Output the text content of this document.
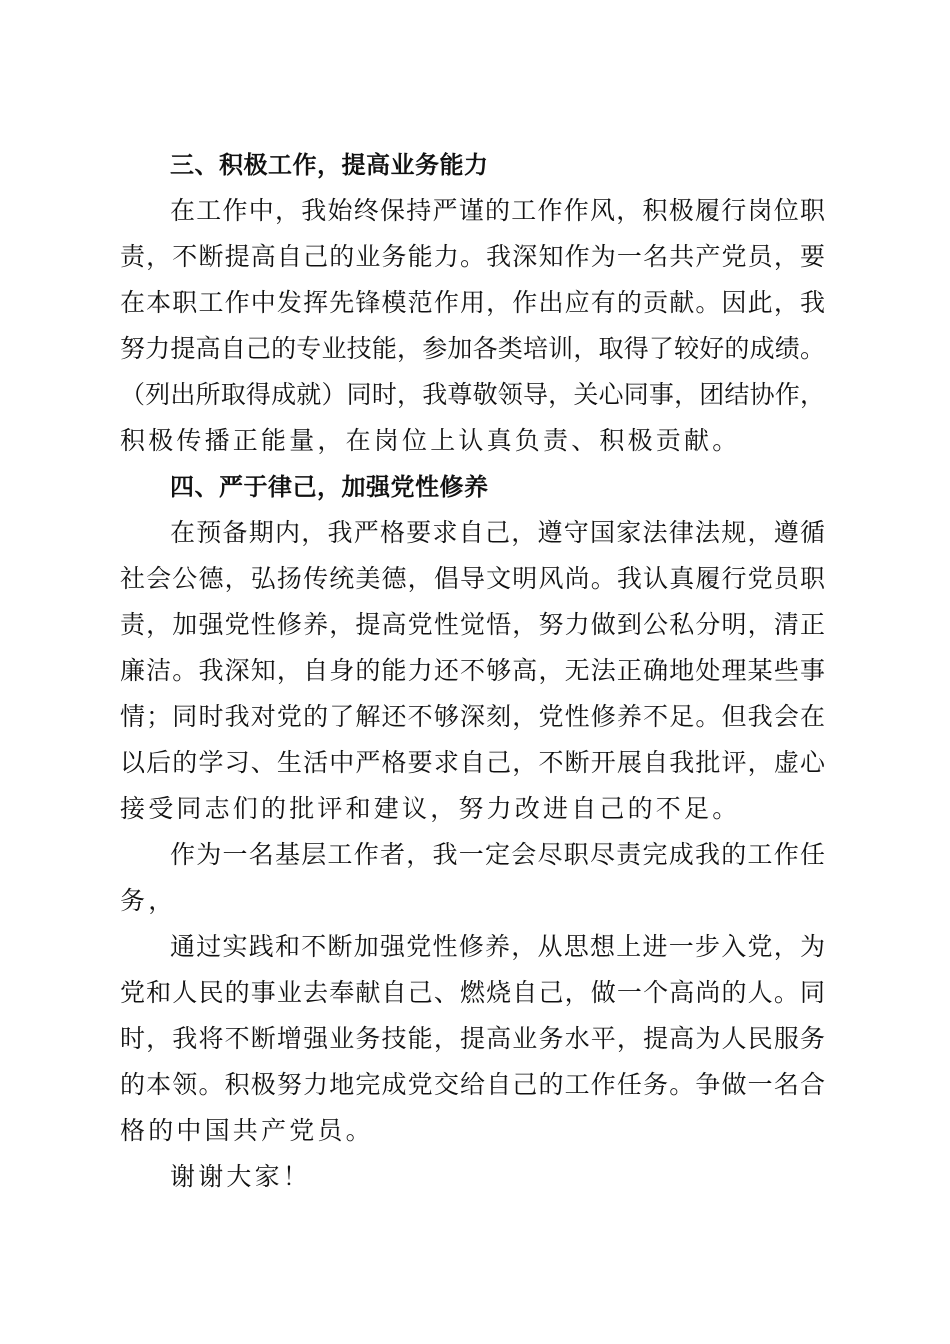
三、积极工作，提高业务能力
在工作中，我始终保持严谨的工作作风，积极履行岗位职
责，不断提高自己的业务能力。我深知作为一名共产党员，要
在本职工作中发挥先锋模范作用，作出应有的贡献。因此，我
努力提高自己的专业技能，参加各类培训，取得了较好的成绩。
（列出所取得成就）同时，我尊敬领导，关心同事，团结协作，
积极传播正能量，在岗位上认真负责、积极贡献。
四、严于律己，加强党性修养
在预备期内，我严格要求自己，遵守国家法律法规，遵循
社会公德，弘扬传统美德，倡导文明风尚。我认真履行党员职
责，加强党性修养，提高党性觉悟，努力做到公私分明，清正
廉洁。我深知，自身的能力还不够高，无法正确地处理某些事
情；同时我对党的了解还不够深刻，党性修养不足。但我会在
以后的学习、生活中严格要求自己，不断开展自我批评，虚心
接受同志们的批评和建议，努力改进自己的不足。
作为一名基层工作者，我一定会尽职尽责完成我的工作任
务，
通过实践和不断加强党性修养，从思想上进一步入党，为
党和人民的事业去奉献自己、燃烧自己，做一个高尚的人。同
时，我将不断增强业务技能，提高业务水平，提高为人民服务
的本领。积极努力地完成党交给自己的工作任务。争做一名合
格的中国共产党员。
谢谢大家！
